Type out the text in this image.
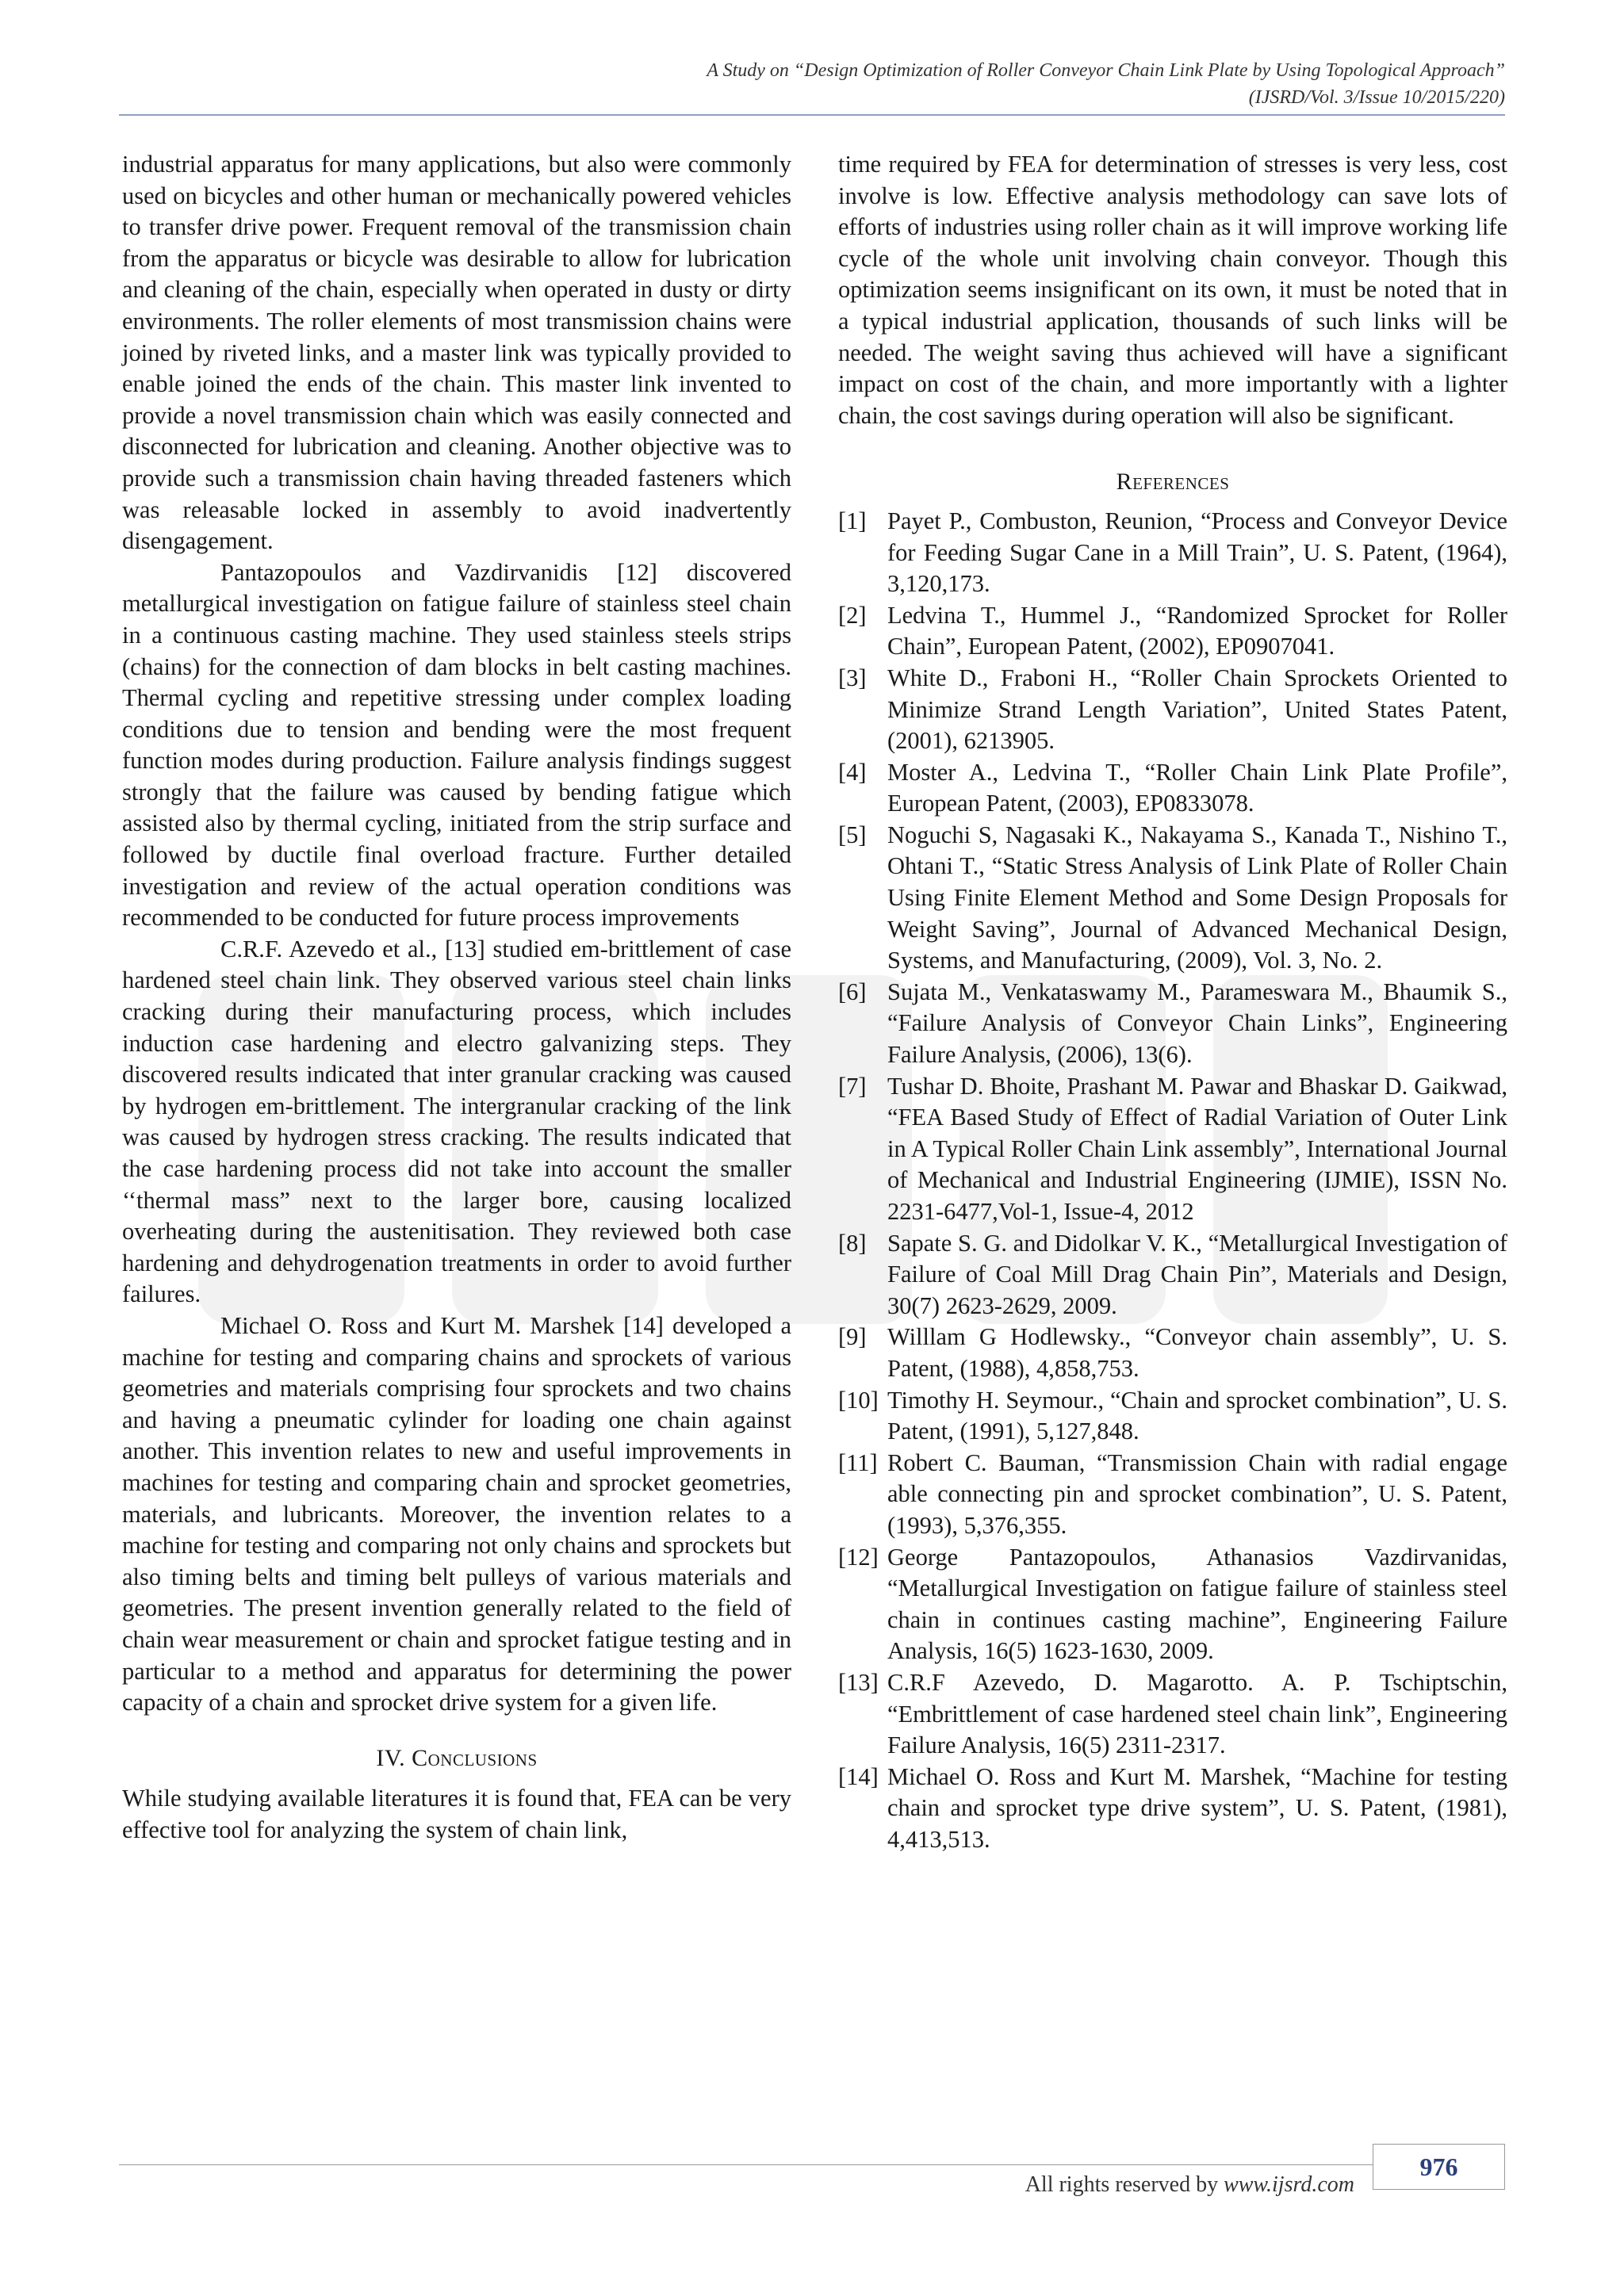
A Study on “Design Optimization of Roller Conveyor Chain Link Plate by Using Topological Approach”
(IJSRD/Vol. 3/Issue 10/2015/220)

industrial apparatus for many applications, but also were commonly used on bicycles and other human or mechanically powered vehicles to transfer drive power. Frequent removal of the transmission chain from the apparatus or bicycle was desirable to allow for lubrication and cleaning of the chain, especially when operated in dusty or dirty environments. The roller elements of most transmission chains were joined by riveted links, and a master link was typically provided to enable joined the ends of the chain. This master link invented to provide a novel transmission chain which was easily connected and disconnected for lubrication and cleaning. Another objective was to provide such a transmission chain having threaded fasteners which was releasable locked in assembly to avoid inadvertently disengagement.

Pantazopoulos and Vazdirvanidis [12] discovered metallurgical investigation on fatigue failure of stainless steel chain in a continuous casting machine. They used stainless steels strips (chains) for the connection of dam blocks in belt casting machines. Thermal cycling and repetitive stressing under complex loading conditions due to tension and bending were the most frequent function modes during production. Failure analysis findings suggest strongly that the failure was caused by bending fatigue which assisted also by thermal cycling, initiated from the strip surface and followed by ductile final overload fracture. Further detailed investigation and review of the actual operation conditions was recommended to be conducted for future process improvements

C.R.F. Azevedo et al., [13] studied em-brittlement of case hardened steel chain link. They observed various steel chain links cracking during their manufacturing process, which includes induction case hardening and electro galvanizing steps. They discovered results indicated that inter granular cracking was caused by hydrogen em-brittlement. The intergranular cracking of the link was caused by hydrogen stress cracking. The results indicated that the case hardening process did not take into account the smaller ‘‘thermal mass” next to the larger bore, causing localized overheating during the austenitisation. They reviewed both case hardening and dehydrogenation treatments in order to avoid further failures.

Michael O. Ross and Kurt M. Marshek [14] developed a machine for testing and comparing chains and sprockets of various geometries and materials comprising four sprockets and two chains and having a pneumatic cylinder for loading one chain against another. This invention relates to new and useful improvements in machines for testing and comparing chain and sprocket geometries, materials, and lubricants. Moreover, the invention relates to a machine for testing and comparing not only chains and sprockets but also timing belts and timing belt pulleys of various materials and geometries. The present invention generally related to the field of chain wear measurement or chain and sprocket fatigue testing and in particular to a method and apparatus for determining the power capacity of a chain and sprocket drive system for a given life.

IV. Conclusions

While studying available literatures it is found that, FEA can be very effective tool for analyzing the system of chain link,

time required by FEA for determination of stresses is very less, cost involve is low. Effective analysis methodology can save lots of efforts of industries using roller chain as it will improve working life cycle of the whole unit involving chain conveyor. Though this optimization seems insignificant on its own, it must be noted that in a typical industrial application, thousands of such links will be needed. The weight saving thus achieved will have a significant impact on cost of the chain, and more importantly with a lighter chain, the cost savings during operation will also be significant.

References
[1] Payet P., Combuston, Reunion, “Process and Conveyor Device for Feeding Sugar Cane in a Mill Train”, U. S. Patent, (1964), 3,120,173.
[2] Ledvina T., Hummel J., “Randomized Sprocket for Roller Chain”, European Patent, (2002), EP0907041.
[3] White D., Fraboni H., “Roller Chain Sprockets Oriented to Minimize Strand Length Variation”, United States Patent, (2001), 6213905.
[4] Moster A., Ledvina T., “Roller Chain Link Plate Profile”, European Patent, (2003), EP0833078.
[5] Noguchi S, Nagasaki K., Nakayama S., Kanada T., Nishino T., Ohtani T., “Static Stress Analysis of Link Plate of Roller Chain Using Finite Element Method and Some Design Proposals for Weight Saving”, Journal of Advanced Mechanical Design, Systems, and Manufacturing, (2009), Vol. 3, No. 2.
[6] Sujata M., Venkataswamy M., Parameswara M., Bhaumik S., “Failure Analysis of Conveyor Chain Links”, Engineering Failure Analysis, (2006), 13(6).
[7] Tushar D. Bhoite, Prashant M. Pawar and Bhaskar D. Gaikwad, “FEA Based Study of Effect of Radial Variation of Outer Link in A Typical Roller Chain Link assembly”, International Journal of Mechanical and Industrial Engineering (IJMIE), ISSN No. 2231-6477,Vol-1, Issue-4, 2012
[8] Sapate S. G. and Didolkar V. K., “Metallurgical Investigation of Failure of Coal Mill Drag Chain Pin”, Materials and Design, 30(7) 2623-2629, 2009.
[9] Willlam G Hodlewsky., “Conveyor chain assembly”, U. S. Patent, (1988), 4,858,753.
[10] Timothy H. Seymour., “Chain and sprocket combination”, U. S. Patent, (1991), 5,127,848.
[11] Robert C. Bauman, “Transmission Chain with radial engage able connecting pin and sprocket combination”, U. S. Patent, (1993), 5,376,355.
[12] George Pantazopoulos, Athanasios Vazdirvanidas, “Metallurgical Investigation on fatigue failure of stainless steel chain in continues casting machine”, Engineering Failure Analysis, 16(5) 1623-1630, 2009.
[13] C.R.F Azevedo, D. Magarotto. A. P. Tschiptschin, “Embrittlement of case hardened steel chain link”, Engineering Failure Analysis, 16(5) 2311-2317.
[14] Michael O. Ross and Kurt M. Marshek, “Machine for testing chain and sprocket type drive system”, U. S. Patent, (1981), 4,413,513.
All rights reserved by www.ijsrd.com
976
